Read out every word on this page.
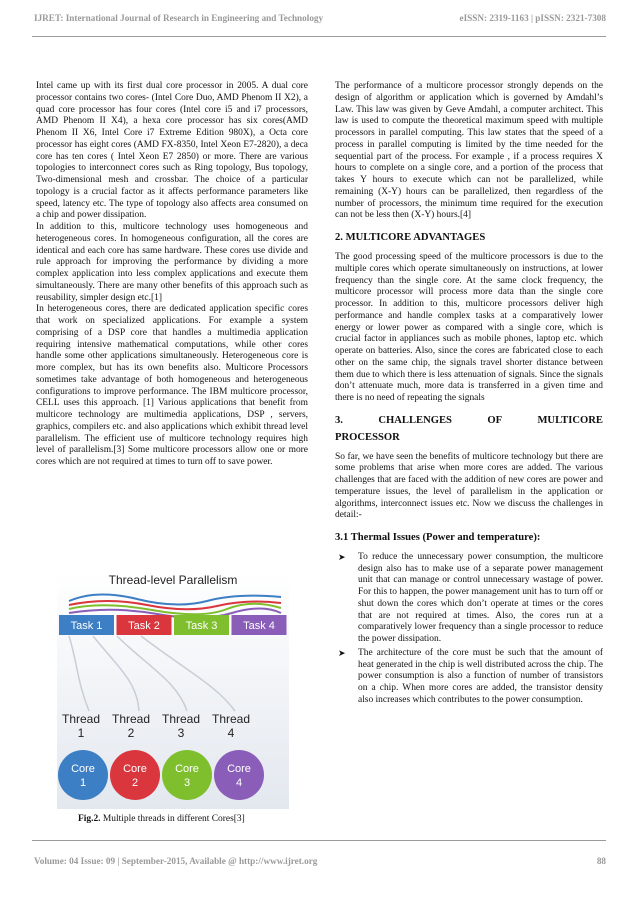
IJRET: International Journal of Research in Engineering and Technology	eISSN: 2319-1163 | pISSN: 2321-7308

Intel came up with its first dual core processor in 2005. A dual core processor contains two cores- (Intel Core Duo, AMD Phenom II X2), a quad core processor has four cores (Intel core i5 and i7 processors, AMD Phenom II X4), a hexa core processor has six cores(AMD Phenom II X6, Intel Core i7 Extreme Edition 980X), a Octa core processor has eight cores (AMD FX-8350, Intel Xeon E7-2820), a deca core has ten cores ( Intel Xeon E7 2850) or more. There are various topologies to interconnect cores such as Ring topology, Bus topology, Two-dimensional mesh and crossbar. The choice of a particular topology is a crucial factor as it affects performance parameters like speed, latency etc. The type of topology also affects area consumed on a chip and power dissipation.

In addition to this, multicore technology uses homogeneous and heterogeneous cores. In homogeneous configuration, all the cores are identical and each core has same hardware. These cores use divide and rule approach for improving the performance by dividing a more complex application into less complex applications and execute them simultaneously. There are many other benefits of this approach such as reusability, simpler design etc.[1]

In heterogeneous cores, there are dedicated application specific cores that work on specialized applications. For example a system comprising of a DSP core that handles a multimedia application requiring intensive mathematical computations, while other cores handle some other applications simultaneously. Heterogeneous core is more complex, but has its own benefits also. Multicore Processors sometimes take advantage of both homogeneous and heterogeneous configurations to improve performance. The IBM multicore processor, CELL uses this approach. [1] Various applications that benefit from multicore technology are multimedia applications, DSP , servers, graphics, compilers etc. and also applications which exhibit thread level parallelism. The efficient use of multicore technology requires high level of parallelism.[3] Some multicore processors allow one or more cores which are not required at times to turn off to save power.

Thread-level Parallelism
Task 1 Task 2 Task 3 Task 4
Thread
1
Thread
2
Thread
3
Thread
4
Core
1
Core
2
Core
3
Core
4
Fig.2. Multiple threads in different Cores[3]

The performance of a multicore processor strongly depends on the design of algorithm or application which is governed by Amdahl’s Law. This law was given by Geve Amdahl, a computer architect. This law is used to compute the theoretical maximum speed with multiple processors in parallel computing. This law states that the speed of a process in parallel computing is limited by the time needed for the sequential part of the process. For example , if a process requires X hours to complete on a single core, and a portion of the process that takes Y hours to execute which can not be parallelized, while remaining (X-Y) hours can be parallelized, then regardless of the number of processors, the minimum time required for the execution can not be less then (X-Y) hours.[4]

2. MULTICORE ADVANTAGES

The good processing speed of the multicore processors is due to the multiple cores which operate simultaneously on instructions, at lower frequency than the single core. At the same clock frequency, the multicore processor will process more data than the single core processor. In addition to this, multicore processors deliver high performance and handle complex tasks at a comparatively lower energy or lower power as compared with a single core, which is crucial factor in appliances such as mobile phones, laptop etc. which operate on batteries. Also, since the cores are fabricated close to each other on the same chip, the signals travel shorter distance between them due to which there is less attenuation of signals. Since the signals don’t attenuate much, more data is transferred in a given time and there is no need of repeating the signals

3.	CHALLENGES	OF	MULTICORE
PROCESSOR

So far, we have seen the benefits of multicore technology but there are some problems that arise when more cores are added. The various challenges that are faced with the addition of new cores are power and temperature issues, the level of parallelism in the application or algorithms, interconnect issues etc. Now we discuss the challenges in detail:-

3.1 Thermal Issues (Power and temperature):
➤ To reduce the unnecessary power consumption, the multicore design also has to make use of a separate power management unit that can manage or control unnecessary wastage of power. For this to happen, the power management unit has to turn off or shut down the cores which don’t operate at times or the cores that are not required at times. Also, the cores run at a comparatively lower frequency than a single processor to reduce the power dissipation.
➤ The architecture of the core must be such that the amount of heat generated in the chip is well distributed across the chip. The power consumption is also a function of number of transistors on a chip. When more cores are added, the transistor density also increases which contributes to the power consumption.
Volume: 04 Issue: 09 | September-2015, Available @ http://www.ijret.org	88
